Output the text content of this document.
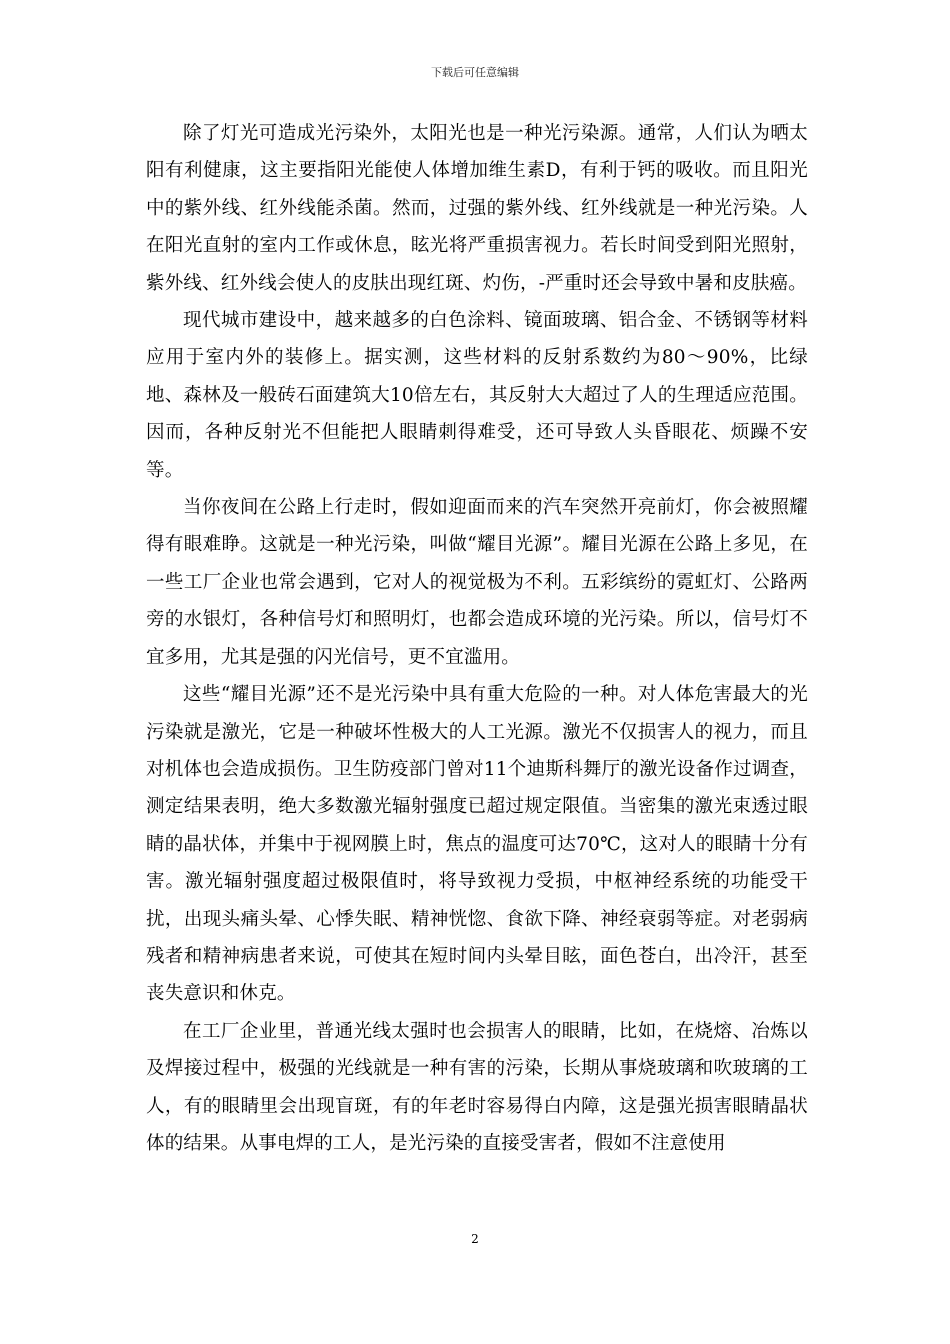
下载后可任意编辑

除了灯光可造成光污染外，太阳光也是一种光污染源。通常，人们认为晒太阳有利健康，这主要指阳光能使人体增加维生素D，有利于钙的吸收。而且阳光中的紫外线、红外线能杀菌。然而，过强的紫外线、红外线就是一种光污染。人在阳光直射的室内工作或休息，眩光将严重损害视力。若长时间受到阳光照射，紫外线、红外线会使人的皮肤出现红斑、灼伤，-严重时还会导致中暑和皮肤癌。

现代城市建设中，越来越多的白色涂料、镜面玻璃、铝合金、不锈钢等材料应用于室内外的装修上。据实测，这些材料的反射系数约为80～90%，比绿地、森林及一般砖石面建筑大10倍左右，其反射大大超过了人的生理适应范围。因而，各种反射光不但能把人眼睛刺得难受，还可导致人头昏眼花、烦躁不安等。

当你夜间在公路上行走时，假如迎面而来的汽车突然开亮前灯，你会被照耀得有眼难睁。这就是一种光污染，叫做“耀目光源”。耀目光源在公路上多见，在一些工厂企业也常会遇到，它对人的视觉极为不利。五彩缤纷的霓虹灯、公路两旁的水银灯，各种信号灯和照明灯，也都会造成环境的光污染。所以，信号灯不宜多用，尤其是强的闪光信号，更不宜滥用。

这些“耀目光源”还不是光污染中具有重大危险的一种。对人体危害最大的光污染就是激光，它是一种破坏性极大的人工光源。激光不仅损害人的视力，而且对机体也会造成损伤。卫生防疫部门曾对11个迪斯科舞厅的激光设备作过调查，测定结果表明，绝大多数激光辐射强度已超过规定限值。当密集的激光束透过眼睛的晶状体，并集中于视网膜上时，焦点的温度可达70℃，这对人的眼睛十分有害。激光辐射强度超过极限值时，将导致视力受损，中枢神经系统的功能受干扰，出现头痛头晕、心悸失眠、精神恍惚、食欲下降、神经衰弱等症。对老弱病残者和精神病患者来说，可使其在短时间内头晕目眩，面色苍白，出冷汗，甚至丧失意识和休克。

在工厂企业里，普通光线太强时也会损害人的眼睛，比如，在烧熔、冶炼以及焊接过程中，极强的光线就是一种有害的污染，长期从事烧玻璃和吹玻璃的工人，有的眼睛里会出现盲斑，有的年老时容易得白内障，这是强光损害眼睛晶状体的结果。从事电焊的工人，是光污染的直接受害者，假如不注意使用

2
